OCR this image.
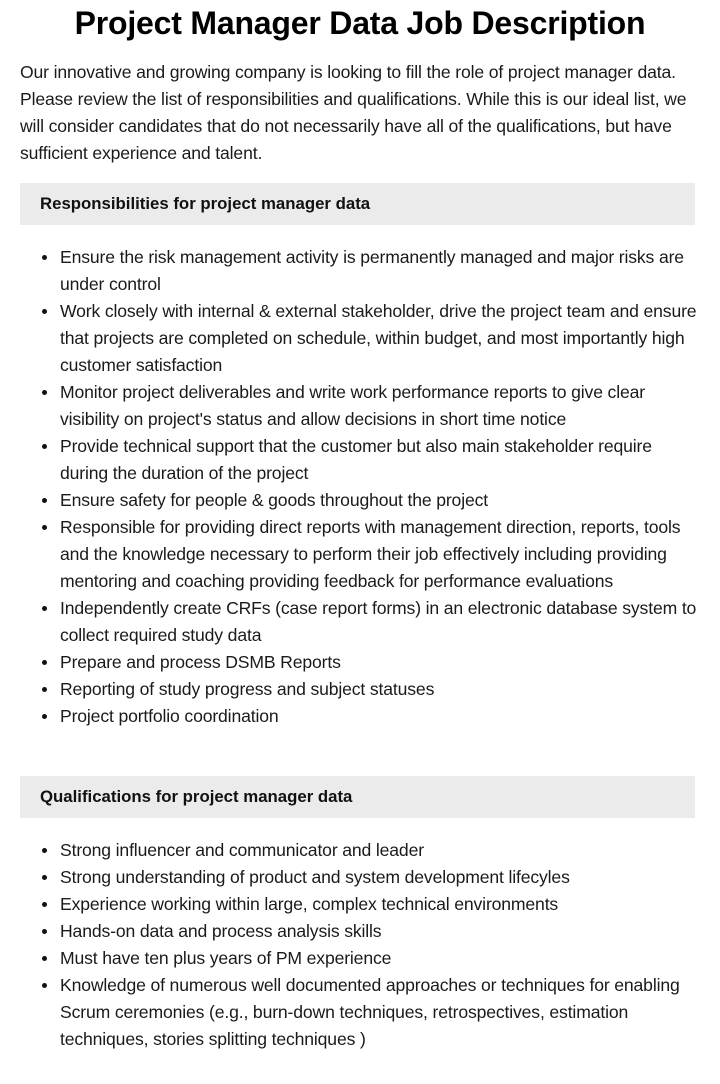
Project Manager Data Job Description

Our innovative and growing company is looking to fill the role of project manager data. Please review the list of responsibilities and qualifications. While this is our ideal list, we will consider candidates that do not necessarily have all of the qualifications, but have sufficient experience and talent.

Responsibilities for project manager data
Ensure the risk management activity is permanently managed and major risks are under control
Work closely with internal & external stakeholder, drive the project team and ensure that projects are completed on schedule, within budget, and most importantly high customer satisfaction
Monitor project deliverables and write work performance reports to give clear visibility on project's status and allow decisions in short time notice
Provide technical support that the customer but also main stakeholder require during the duration of the project
Ensure safety for people & goods throughout the project
Responsible for providing direct reports with management direction, reports, tools and the knowledge necessary to perform their job effectively including providing mentoring and coaching providing feedback for performance evaluations
Independently create CRFs (case report forms) in an electronic database system to collect required study data
Prepare and process DSMB Reports
Reporting of study progress and subject statuses
Project portfolio coordination
Qualifications for project manager data
Strong influencer and communicator and leader
Strong understanding of product and system development lifecyles
Experience working within large, complex technical environments
Hands-on data and process analysis skills
Must have ten plus years of PM experience
Knowledge of numerous well documented approaches or techniques for enabling Scrum ceremonies (e.g., burn-down techniques, retrospectives, estimation techniques, stories splitting techniques )
